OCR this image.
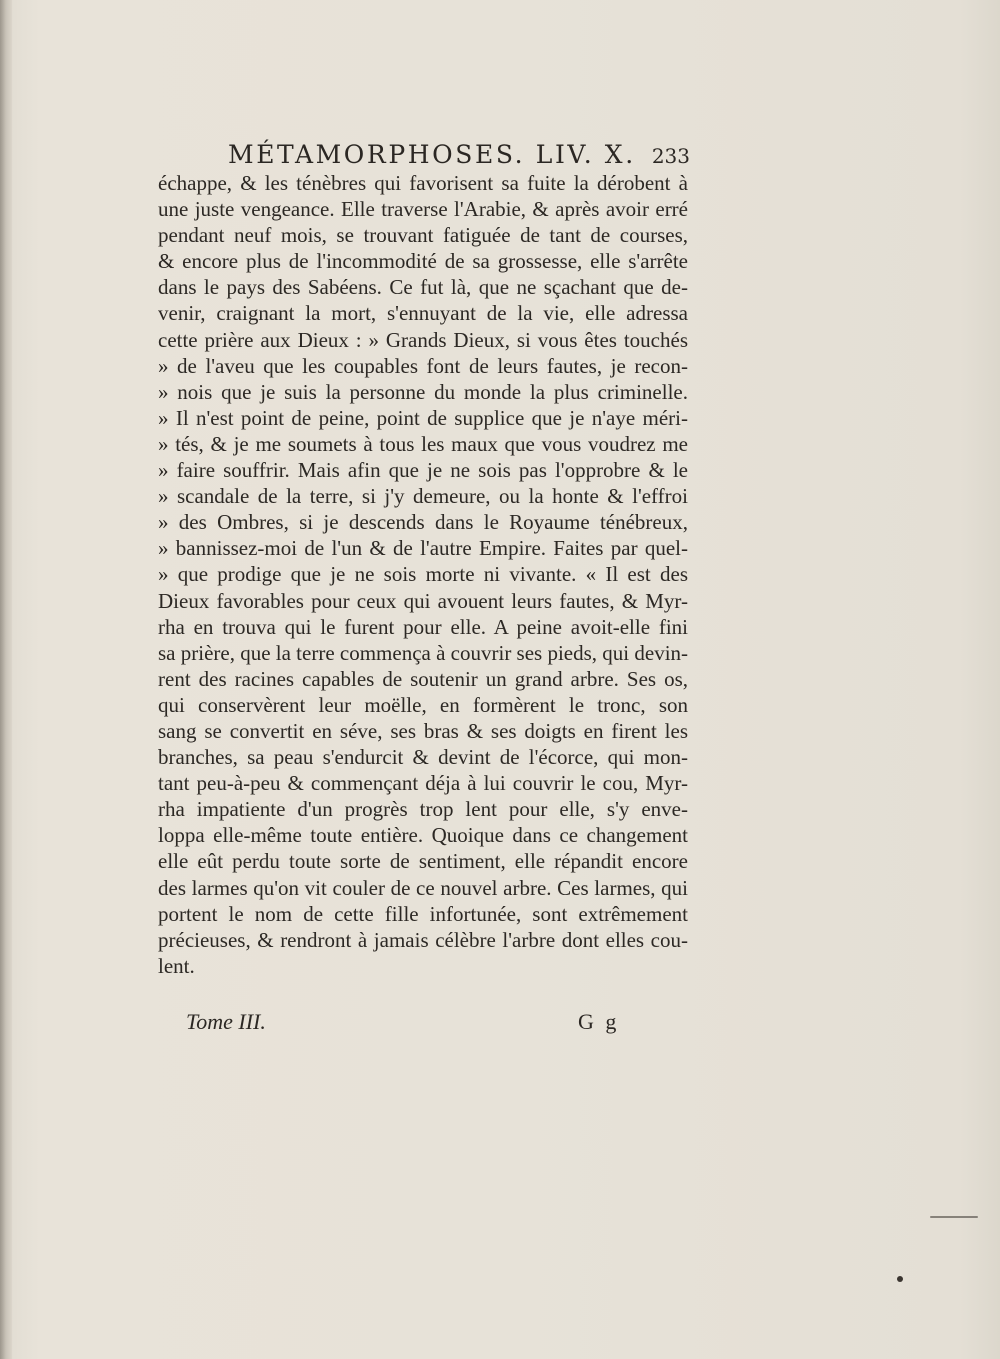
MÉTAMORPHOSES. LIV. X. 233
échappe, & les ténèbres qui favorisent sa fuite la dérobent à
une juste vengeance. Elle traverse l'Arabie, & après avoir erré
pendant neuf mois, se trouvant fatiguée de tant de courses,
& encore plus de l'incommodité de sa grossesse, elle s'arrête
dans le pays des Sabéens. Ce fut là, que ne sçachant que de-
venir, craignant la mort, s'ennuyant de la vie, elle adressa
cette prière aux Dieux : » Grands Dieux, si vous êtes touchés
» de l'aveu que les coupables font de leurs fautes, je recon-
» nois que je suis la personne du monde la plus criminelle.
» Il n'est point de peine, point de supplice que je n'aye méri-
» tés, & je me soumets à tous les maux que vous voudrez me
» faire souffrir. Mais afin que je ne sois pas l'opprobre & le
» scandale de la terre, si j'y demeure, ou la honte & l'effroi
» des Ombres, si je descends dans le Royaume ténébreux,
» bannissez-moi de l'un & de l'autre Empire. Faites par quel-
» que prodige que je ne sois morte ni vivante. « Il est des
Dieux favorables pour ceux qui avouent leurs fautes, & Myr-
rha en trouva qui le furent pour elle. A peine avoit-elle fini
sa prière, que la terre commença à couvrir ses pieds, qui devin-
rent des racines capables de soutenir un grand arbre. Ses os,
qui conservèrent leur moëlle, en formèrent le tronc, son
sang se convertit en séve, ses bras & ses doigts en firent les
branches, sa peau s'endurcit & devint de l'écorce, qui mon-
tant peu-à-peu & commençant déja à lui couvrir le cou, Myr-
rha impatiente d'un progrès trop lent pour elle, s'y enve-
loppa elle-même toute entière. Quoique dans ce changement
elle eût perdu toute sorte de sentiment, elle répandit encore
des larmes qu'on vit couler de ce nouvel arbre. Ces larmes, qui
portent le nom de cette fille infortunée, sont extrêmement
précieuses, & rendront à jamais célèbre l'arbre dont elles cou-
lent.
Tome III.	G g
